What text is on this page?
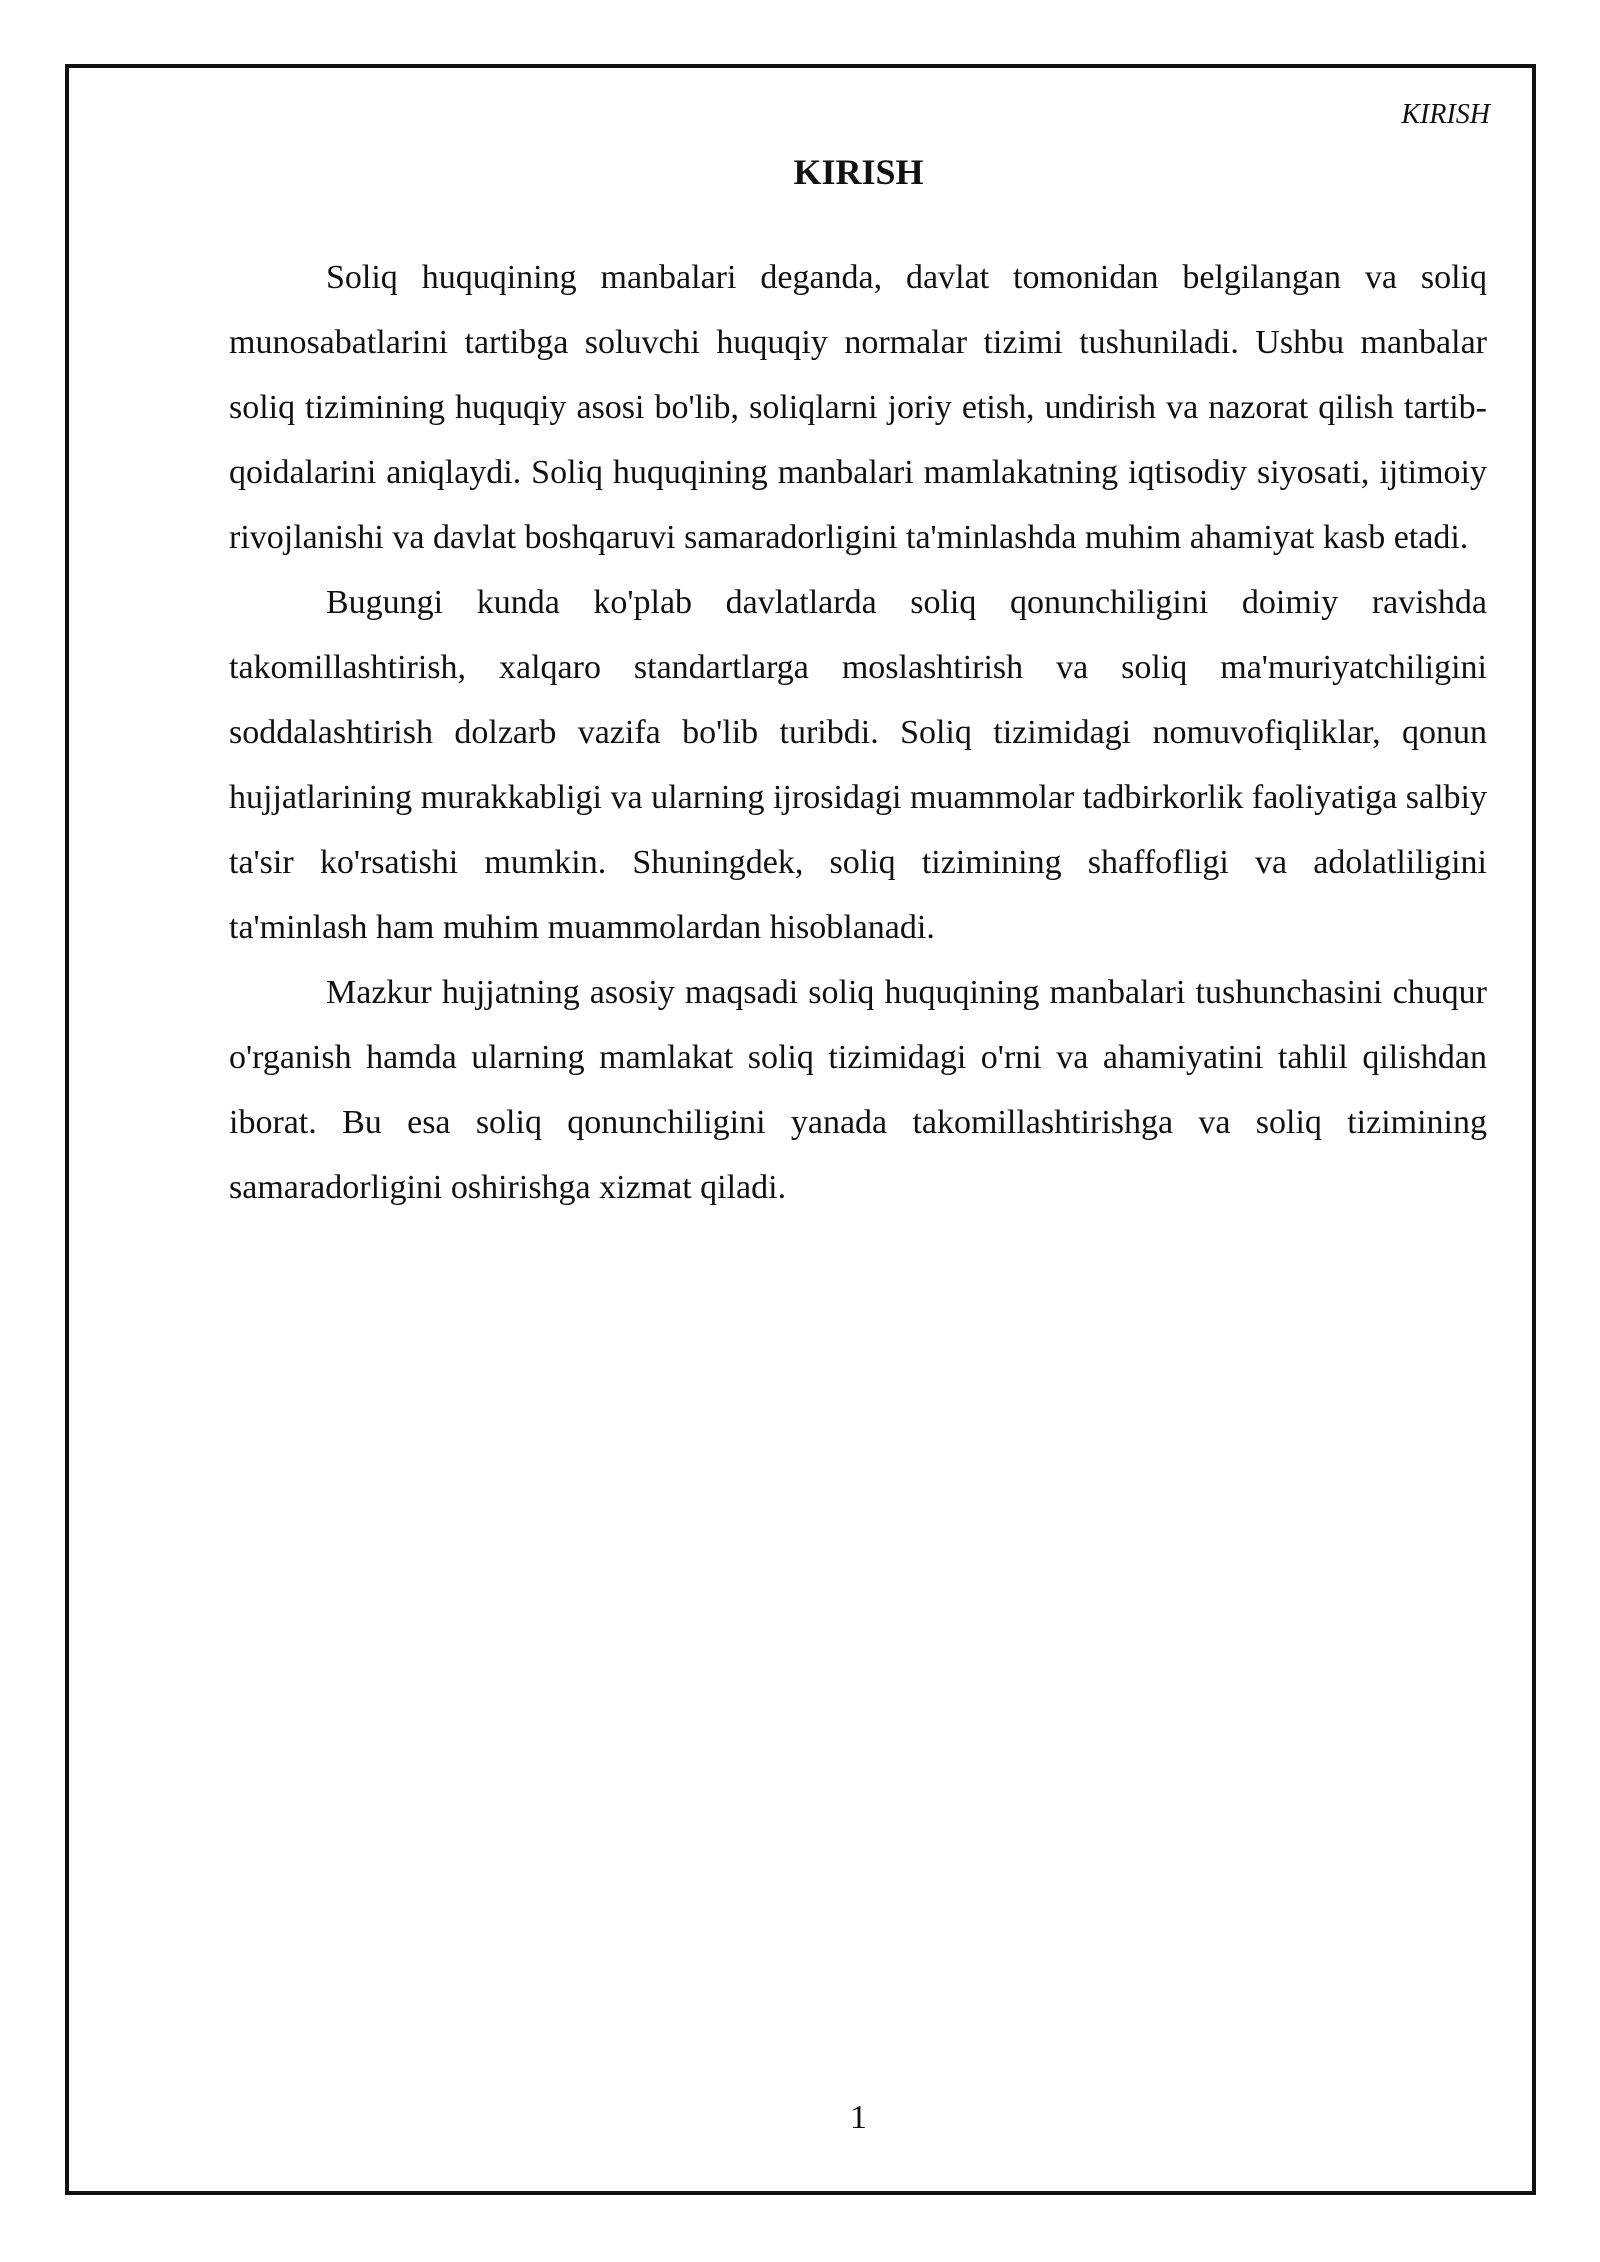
KIRISH
KIRISH

Soliq huquqining manbalari deganda, davlat tomonidan belgilangan va soliq munosabatlarini tartibga soluvchi huquqiy normalar tizimi tushuniladi. Ushbu manbalar soliq tizimining huquqiy asosi bo'lib, soliqlarni joriy etish, undirish va nazorat qilish tartib-qoidalarini aniqlaydi. Soliq huquqining manbalari mamlakatning iqtisodiy siyosati, ijtimoiy rivojlanishi va davlat boshqaruvi samaradorligini ta'minlashda muhim ahamiyat kasb etadi.

Bugungi kunda ko'plab davlatlarda soliq qonunchiligini doimiy ravishda takomillashtirish, xalqaro standartlarga moslashtirish va soliq ma'muriyatchiligini soddalashtirish dolzarb vazifa bo'lib turibdi. Soliq tizimidagi nomuvofiqliklar, qonun hujjatlarining murakkabligi va ularning ijrosidagi muammolar tadbirkorlik faoliyatiga salbiy ta'sir ko'rsatishi mumkin. Shuningdek, soliq tizimining shaffofligi va adolatliligini ta'minlash ham muhim muammolardan hisoblanadi.

Mazkur hujjatning asosiy maqsadi soliq huquqining manbalari tushunchasini chuqur o'rganish hamda ularning mamlakat soliq tizimidagi o'rni va ahamiyatini tahlil qilishdan iborat. Bu esa soliq qonunchiligini yanada takomillashtirishga va soliq tizimining samaradorligini oshirishga xizmat qiladi.

1
